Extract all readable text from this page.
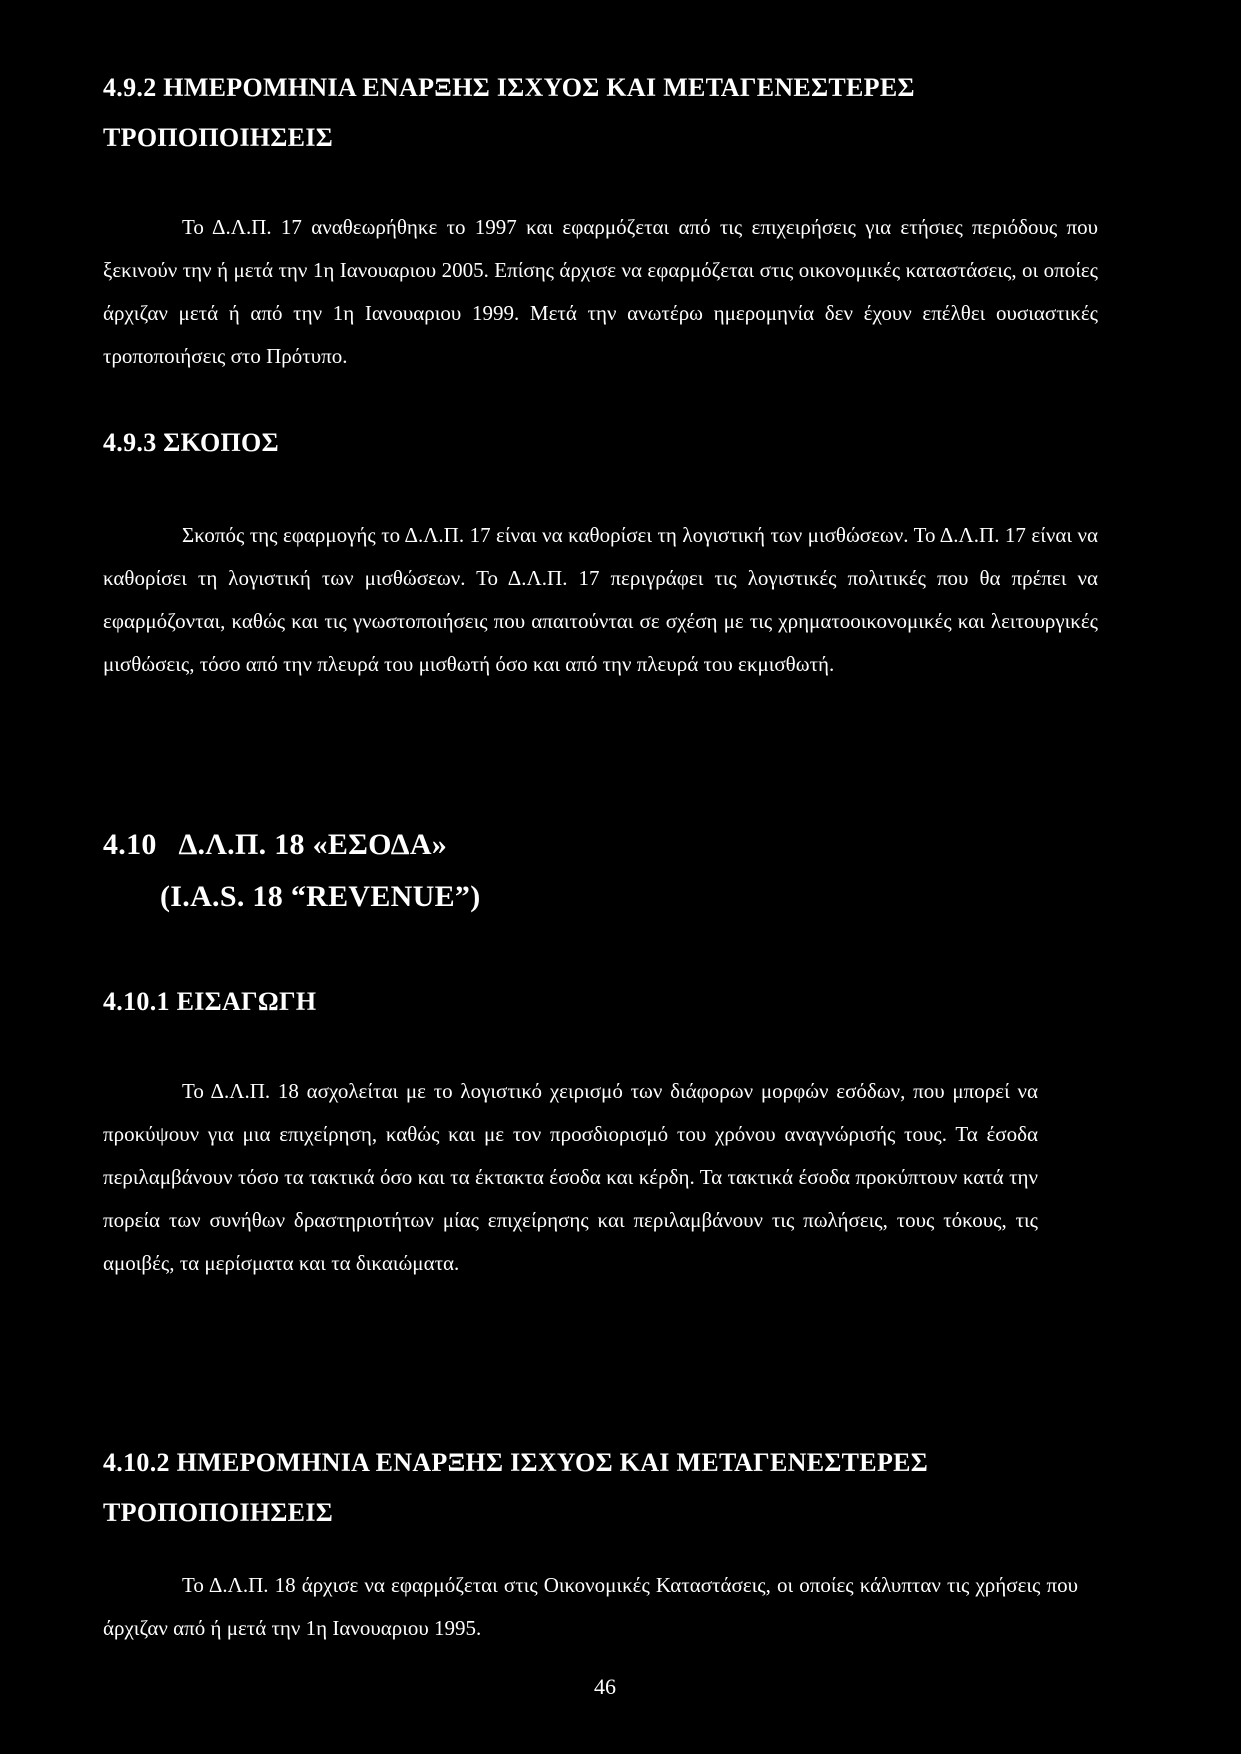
4.9.2 ΗΜΕΡΟΜΗΝΙΑ ΕΝΑΡΞΗΣ ΙΣΧΥΟΣ ΚΑΙ ΜΕΤΑΓΕΝΕΣΤΕΡΕΣ
ΤΡΟΠΟΠΟΙΗΣΕΙΣ

Το Δ.Λ.Π. 17 αναθεωρήθηκε το 1997 και εφαρμόζεται από τις επιχειρήσεις για ετήσιες περιόδους που ξεκινούν την ή μετά την 1η Ιανουαριου 2005. Επίσης άρχισε να εφαρμόζεται στις οικονομικές καταστάσεις, οι οποίες άρχιζαν μετά ή από την 1η Ιανουαριου 1999. Μετά την ανωτέρω ημερομηνία δεν έχουν επέλθει ουσιαστικές τροποποιήσεις στο Πρότυπο.

4.9.3 ΣΚΟΠΟΣ

Σκοπός της εφαρμογής το Δ.Λ.Π. 17 είναι να καθορίσει τη λογιστική των μισθώσεων. Το Δ.Λ.Π. 17 είναι να καθορίσει τη λογιστική των μισθώσεων. Το Δ.Λ.Π. 17 περιγράφει τις λογιστικές πολιτικές που θα πρέπει να εφαρμόζονται, καθώς και τις γνωστοποιήσεις που απαιτούνται σε σχέση με τις χρηματοοικονομικές και λειτουργικές μισθώσεις, τόσο από την πλευρά του μισθωτή όσο και από την πλευρά του εκμισθωτή.

4.10   Δ.Λ.Π. 18 «ΕΣΟΔΑ»
(I.A.S. 18 “REVENUE”)
4.10.1 ΕΙΣΑΓΩΓΗ

Το Δ.Λ.Π. 18 ασχολείται με το λογιστικό χειρισμό των διάφορων μορφών εσόδων, που μπορεί να προκύψουν για μια επιχείρηση, καθώς και με τον προσδιορισμό του χρόνου αναγνώρισής τους. Τα έσοδα περιλαμβάνουν τόσο τα τακτικά όσο και τα έκτακτα έσοδα και κέρδη. Τα τακτικά έσοδα προκύπτουν κατά την πορεία των συνήθων δραστηριοτήτων μίας επιχείρησης και περιλαμβάνουν τις πωλήσεις, τους τόκους, τις αμοιβές, τα μερίσματα και τα δικαιώματα.

4.10.2 ΗΜΕΡΟΜΗΝΙΑ ΕΝΑΡΞΗΣ ΙΣΧΥΟΣ ΚΑΙ ΜΕΤΑΓΕΝΕΣΤΕΡΕΣ
ΤΡΟΠΟΠΟΙΗΣΕΙΣ

Το Δ.Λ.Π. 18 άρχισε να εφαρμόζεται στις Οικονομικές Καταστάσεις, οι οποίες κάλυπταν τις χρήσεις που άρχιζαν από ή μετά την 1η Ιανουαριου 1995.

46
